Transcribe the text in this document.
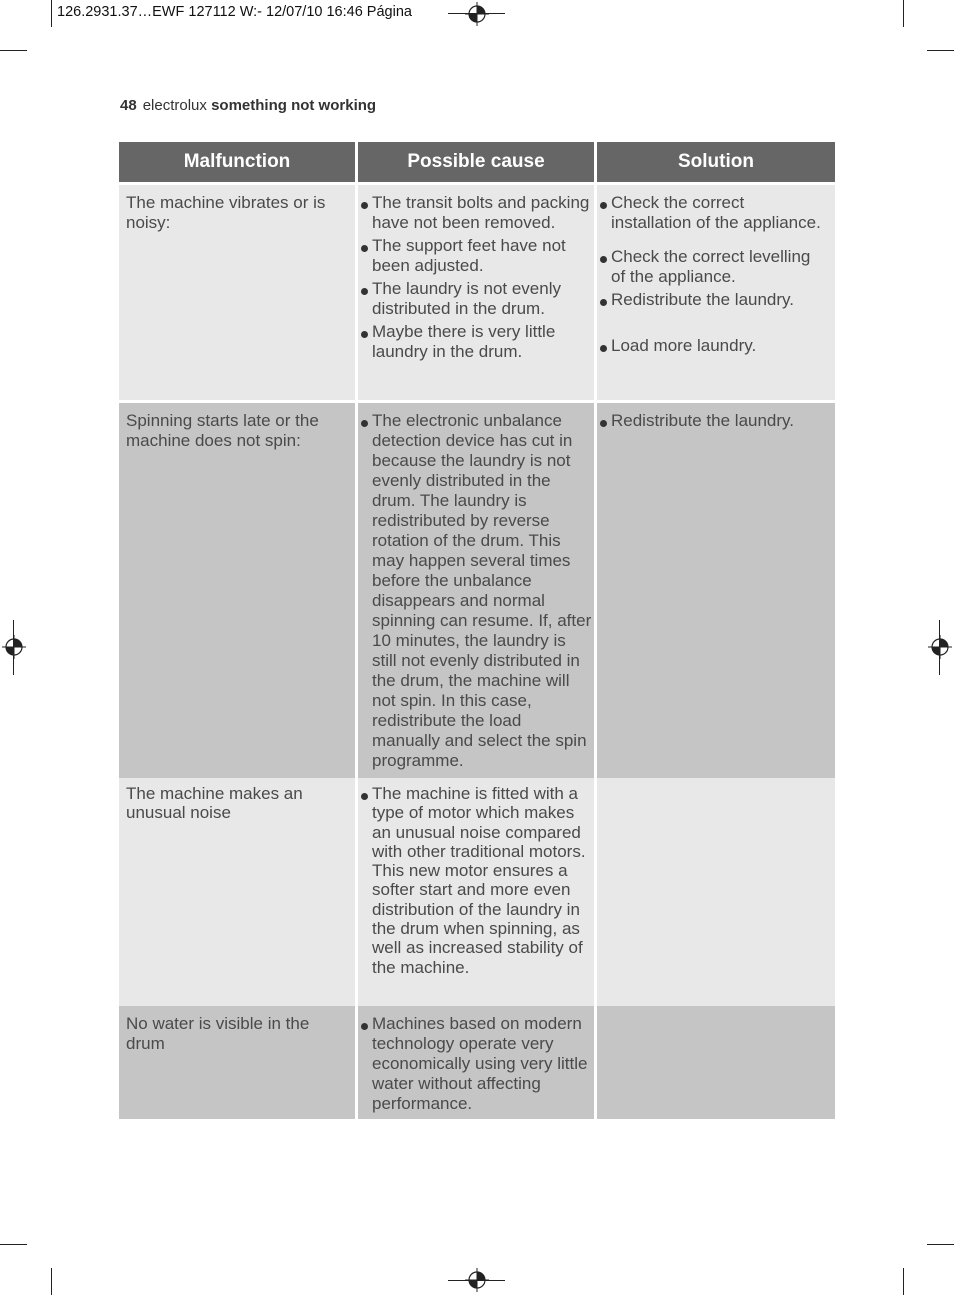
126.2931.37…EWF 127112 W:- 12/07/10 16:46 Página
48 electrolux something not working
Malfunction	Possible cause	Solution
The machine vibrates or is noisy:
The transit bolts and packing have not been removed.
The support feet have not been adjusted.
The laundry is not evenly distributed in the drum.
Maybe there is very little laundry in the drum.
Check the correct installation of the appliance.
Check the correct levelling of the appliance.
Redistribute the laundry.
Load more laundry.
Spinning starts late or the machine does not spin:
The electronic unbalance detection device has cut in because the laundry is not evenly distributed in the drum. The laundry is redistributed by reverse rotation of the drum. This may happen several times before the unbalance disappears and normal spinning can resume. If, after 10 minutes, the laundry is still not evenly distributed in the drum, the machine will not spin. In this case, redistribute the load manually and select the spin programme.
Redistribute the laundry.
The machine makes an unusual noise
The machine is fitted with a type of motor which makes an unusual noise compared with other traditional motors. This new motor ensures a softer start and more even distribution of the laundry in the drum when spinning, as well as increased stability of the machine.
No water is visible in the drum
Machines based on modern technology operate very economically using very little water without affecting performance.
